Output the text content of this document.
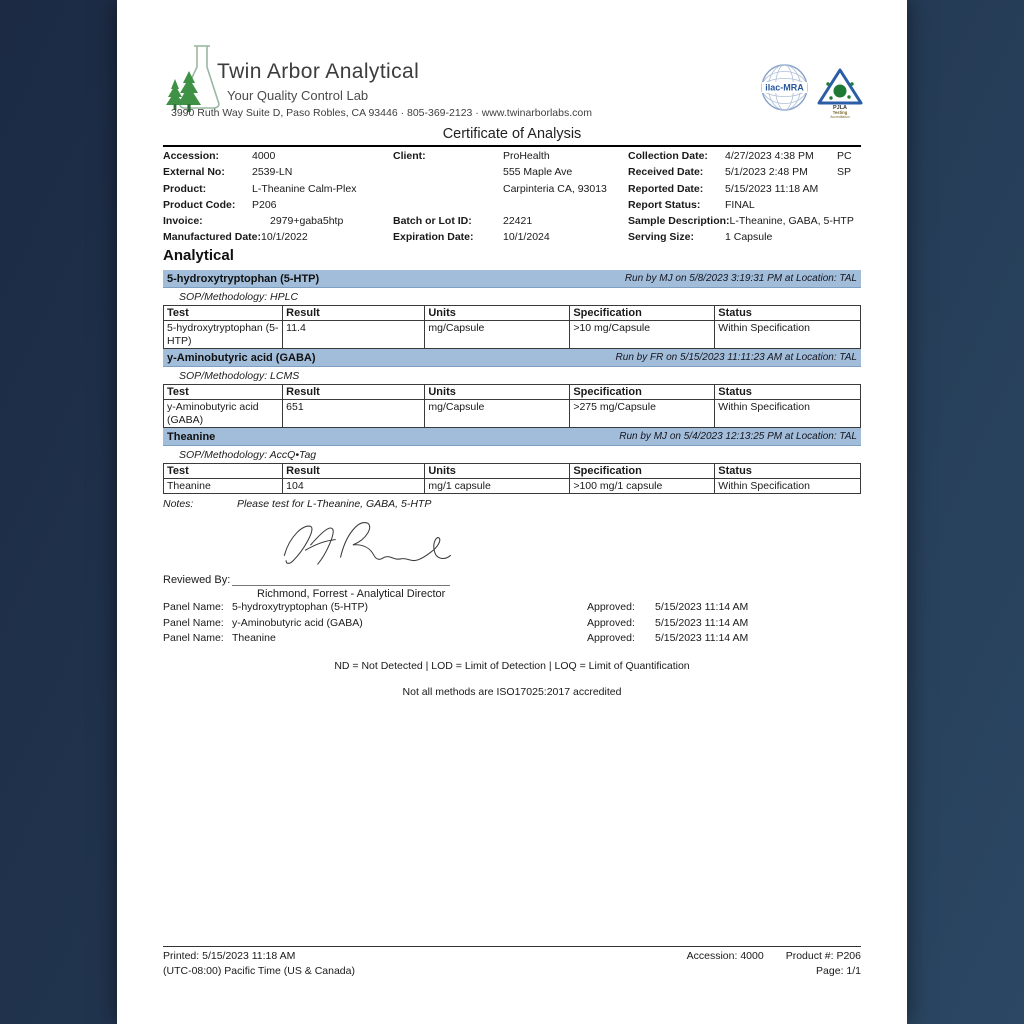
Twin Arbor Analytical
Your Quality Control Lab
3990 Ruth Way Suite D, Paso Robles, CA 93446 · 805-369-2123 · www.twinarborlabs.com
ilac-MRA
PJLA
Testing
Accreditation
Certificate of Analysis
Accession:	4000
External No:	2539-LN
Product:	L-Theanine Calm-Plex
Product Code:	P206
Invoice:	2979+gaba5htp
Manufactured Date: 10/1/2022
Client:	ProHealth
555 Maple Ave
Carpinteria CA, 93013
Batch or Lot ID:	22421
Expiration Date:	10/1/2024
Collection Date:	4/27/2023 4:38 PM PC
Received Date:	5/1/2023 2:48 PM	SP
Reported Date:	5/15/2023 11:18 AM
Report Status:	FINAL
Sample Description: L-Theanine, GABA, 5-HTP
Serving Size:	1 Capsule
Analytical
5-hydroxytryptophan (5-HTP)	Run by MJ on 5/8/2023 3:19:31 PM at Location: TAL
SOP/Methodology: HPLC
Test	Result	Units	Specification	Status
5-hydroxytryptophan (5-HTP)	11.4	mg/Capsule	>10 mg/Capsule	Within Specification
y-Aminobutyric acid (GABA)	Run by FR on 5/15/2023 11:11:23 AM at Location: TAL
SOP/Methodology: LCMS
Test	Result	Units	Specification	Status
y-Aminobutyric acid (GABA)	651	mg/Capsule	>275 mg/Capsule	Within Specification
Theanine	Run by MJ on 5/4/2023 12:13:25 PM at Location: TAL
SOP/Methodology: AccQ•Tag
Test	Result	Units	Specification	Status
Theanine	104	mg/1 capsule	>100 mg/1 capsule	Within Specification
Notes:	Please test for L-Theanine, GABA, 5-HTP
Reviewed By:
Richmond, Forrest - Analytical Director
Panel Name: 5-hydroxytryptophan (5-HTP)	Approved:	5/15/2023 11:14 AM
Panel Name: y-Aminobutyric acid (GABA)	Approved:	5/15/2023 11:14 AM
Panel Name: Theanine	Approved:	5/15/2023 11:14 AM
ND = Not Detected | LOD = Limit of Detection | LOQ = Limit of Quantification
Not all methods are ISO17025:2017 accredited
Printed: 5/15/2023 11:18 AM
(UTC-08:00) Pacific Time (US & Canada)
Accession: 4000 Product #: P206
Page: 1/1
